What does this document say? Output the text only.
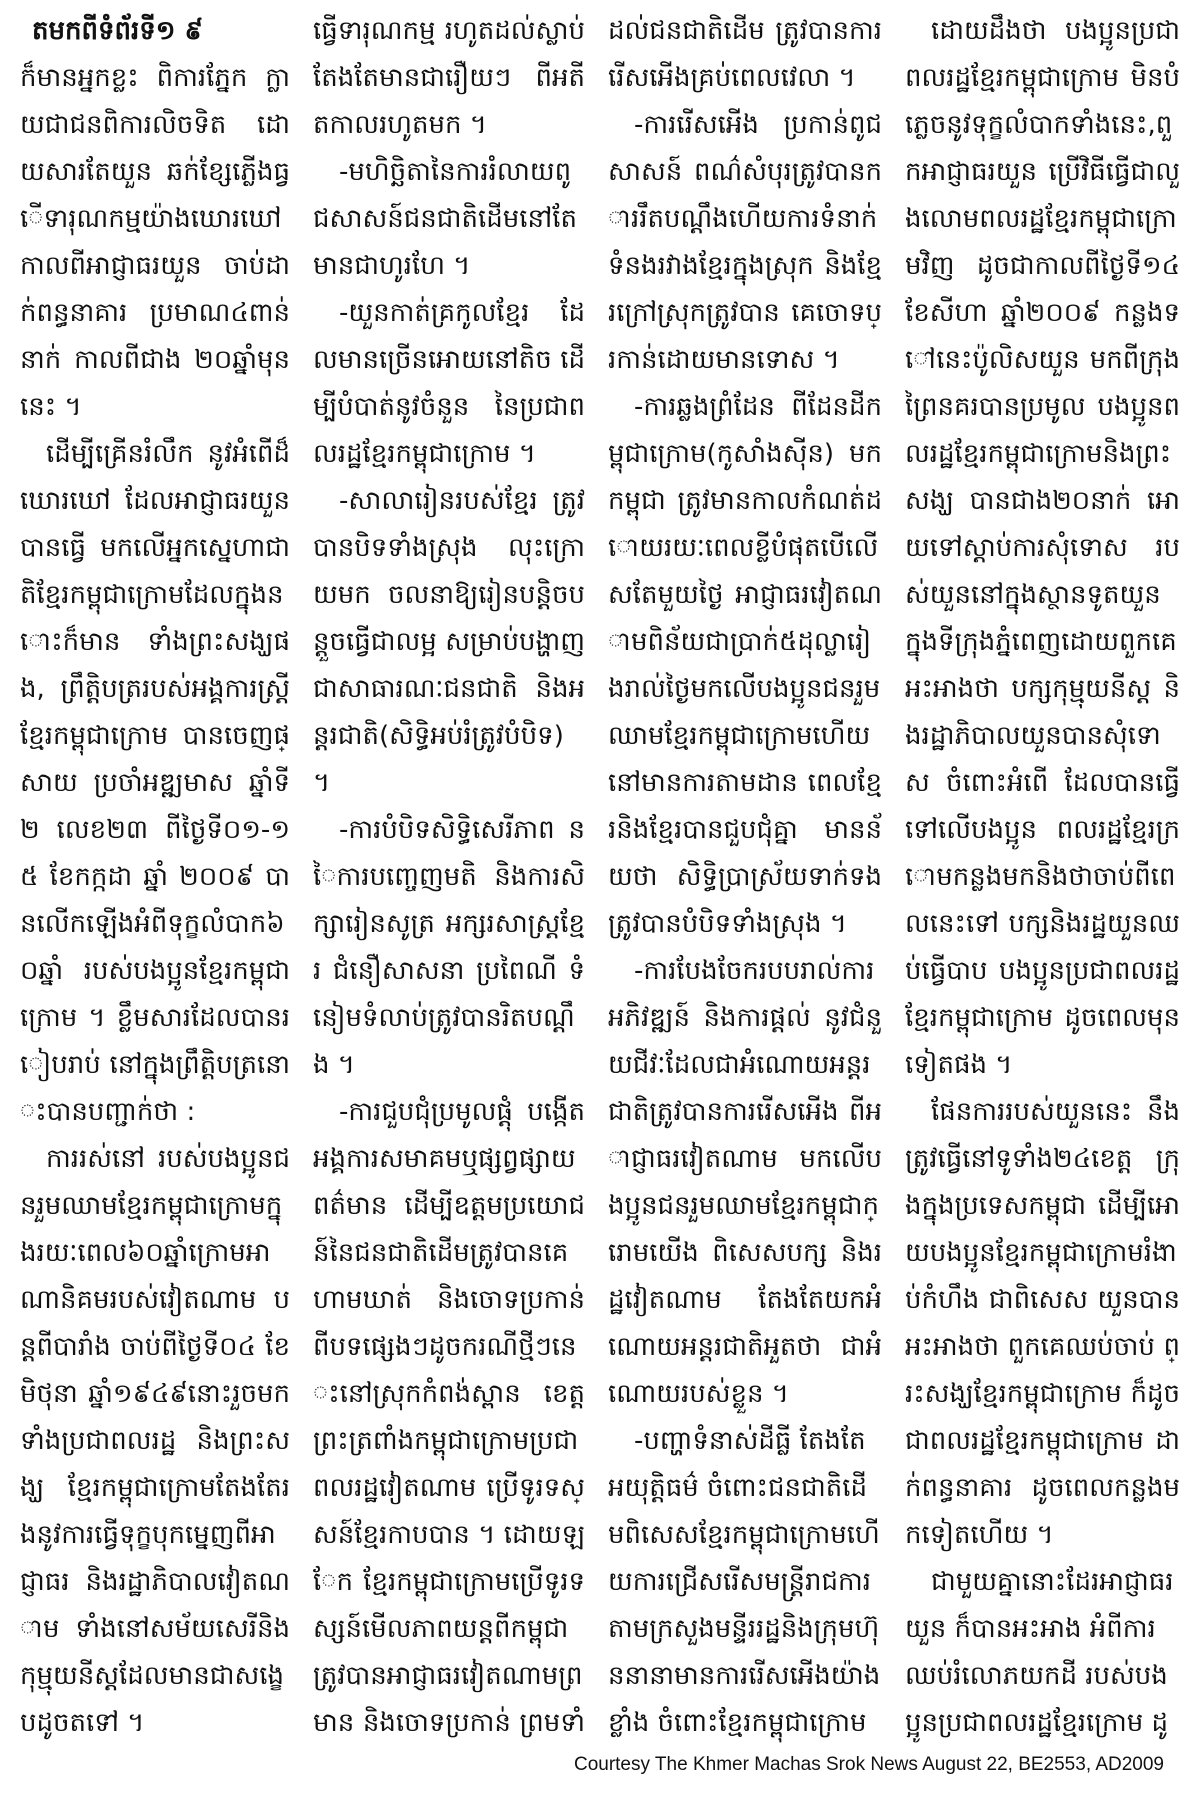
តមកពីទំព័រទី១ ៩

ក៏មានអ្នកខ្លះ ពិការភ្នែក ក្លាយជាជនពិការលិចទិត ដោយសារតែយួន ឆក់ខ្សែភ្លើងធ្វើទារុណកម្មយ៉ាងឃោរឃៅ កាលពីអាជ្ញាធរយួន ចាប់ដាក់ពន្ធនាគារ ប្រមាណ៤ពាន់នាក់ កាលពីជាង ២០ឆ្នាំមុននេះ ។

ដើម្បីគ្រើនរំលឹក នូវអំពើដ៏ឃោរឃៅ ដែលអាជ្ញាធរយួនបានធ្វើ មកលើអ្នកស្នេហាជាតិខ្មែរកម្ពុជាក្រោមដែលក្នុងនោះក៏មាន ទាំងព្រះសង្ឃផង, ព្រឹត្តិបត្ររបស់អង្គការស្រ្តីខ្មែរកម្ពុជាក្រោម បានចេញផ្សាយ ប្រចាំអឌ្ឍមាស ឆ្នាំទី២ លេខ២៣ ពីថ្ងៃទី០១-១៥ ខែកក្កដា ឆ្នាំ ២០០៩ បានលើកឡើងអំពីទុក្ខលំបាក៦០ឆ្នាំ របស់បងប្អូនខ្មែរកម្ពុជាក្រោម ។ ខ្លឹមសារដែលបានរៀបរាប់ នៅក្នុងព្រឹត្តិបត្រនោះបានបញ្ជាក់ថា :

ការរស់នៅ របស់បងប្អូនជនរួមឈាមខ្មែរកម្ពុជាក្រោមក្នុងរយៈពេល៦០ឆ្នាំក្រោមអាណានិគមរបស់វៀតណាម បន្តពីបារាំង ចាប់ពីថ្ងៃទី០៤ ខែមិថុនា ឆ្នាំ១៩៤៩នោះរួចមក ទាំងប្រជាពលរដ្ឋ និងព្រះសង្ឃ ខ្មែរកម្ពុជាក្រោមតែងតែរងនូវការធ្វើទុក្ខបុកម្នេញពីអាជ្ញាធរ និងរដ្ឋាភិបាលវៀតណាម ទាំងនៅសម័យសេរីនិងកុម្មុយនីស្តដែលមានជាសង្ខេបដូចតទៅ ។

ធ្វើទារុណកម្ម រហូតដល់ស្លាប់តែងតែមានជារឿយៗ ពីអតីតកាលរហូតមក ។

-មហិច្ឆិតានៃការរំលាយពូជសាសន៍ជនជាតិដើមនៅតែមានជាហូរហែ ។

-យួនកាត់គ្រកូលខ្មែរ ដែលមានច្រើនអោយនៅតិច ដើម្បីបំបាត់នូវចំនួន នៃប្រជាពលរដ្ឋខ្មែរកម្ពុជាក្រោម ។

-សាលារៀនរបស់ខ្មែរ ត្រូវបានបិទទាំងស្រុង លុះក្រោយមក ចលនាឱ្យរៀនបន្តិចបន្តួចធ្វើជាលម្អ សម្រាប់បង្ហាញជាសាធារណៈជនជាតិ និងអន្តរជាតិ(សិទ្ធិអប់រំត្រូវបំបិទ) ។

-ការបំបិទសិទ្ធិសេរីភាព នៃការបញ្ចេញមតិ និងការសិក្សារៀនសូត្រ អក្សរសាស្រ្តខ្មែរ ជំនឿសាសនា ប្រពៃណី ទំនៀមទំលាប់ត្រូវបានរិតបណ្តឹង ។

-ការជួបជុំប្រមូលផ្តុំ បង្កើតអង្គការសមាគមឬផ្សព្វផ្សាយពត៌មាន ដើម្បីឧត្តមប្រយោជន៍នៃជនជាតិដើមត្រូវបានគេហាមឃាត់ និងចោទប្រកាន់ ពីបទផ្សេងៗដូចករណីថ្មីៗនេះនៅស្រុកកំពង់ស្ពាន ខេត្តព្រះត្រពាំងកម្ពុជាក្រោមប្រជាពលរដ្ឋវៀតណាម ប្រើទូរទស្សន៍ខ្មែរកាបបាន ។ ដោយឡែក ខ្មែរកម្ពុជាក្រោមប្រើទូរទស្សន៍មើលភាពយន្តពីកម្ពុជា ត្រូវបានអាជ្ញាធរវៀតណាមព្រមាន និងចោទប្រកាន់ ព្រមទាំ

ដល់ជនជាតិដើម ត្រូវបានការរើសអើងគ្រប់ពេលវេលា ។

-ការរើសអើង ប្រកាន់ពូជសាសន៍ ពណ៌សំបុរត្រូវបានការរឹតបណ្តឹងហើយការទំនាក់ទំនងរវាងខ្មែរក្នុងស្រុក និងខ្មែរក្រៅស្រុកត្រូវបាន គេចោទប្រកាន់ដោយមានទោស ។

-ការឆ្លងព្រំដែន ពីដែនដីកម្ពុជាក្រោម(កូសាំងស៊ីន) មកកម្ពុជា ត្រូវមានកាលកំណត់ដោយរយៈពេលខ្លីបំផុតបើលើសតែមួយថ្ងៃ អាជ្ញាធរវៀតណាមពិន័យជាប្រាក់៥ដុល្លារៀងរាល់ថ្ងៃមកលើបងប្អូនជនរួមឈាមខ្មែរកម្ពុជាក្រោមហើយនៅមានការតាមដាន ពេលខ្មែរនិងខ្មែរបានជួបជុំគ្នា មានន័យថា សិទ្ធិប្រាស្រ័យទាក់ទងត្រូវបានបំបិទទាំងស្រុង ។

-ការបែងចែករបបរាល់ការអភិវឌ្ឍន៍ និងការផ្តល់ នូវជំនួយជីវៈដែលជាអំណោយអន្តរជាតិត្រូវបានការរើសអើង ពីអាជ្ញាធរវៀតណាម មកលើបងប្អូនជនរួមឈាមខ្មែរកម្ពុជាក្រោមយើង ពិសេសបក្ស និងរដ្ឋវៀតណាម តែងតែយកអំណោយអន្តរជាតិអួតថា ជាអំណោយរបស់ខ្លួន ។

-បញ្ហាទំនាស់ដីធ្លី តែងតែអយុត្តិធម៌ ចំពោះជនជាតិដើមពិសេសខ្មែរកម្ពុជាក្រោមហើយការជ្រើសរើសមន្រ្តីរាជការតាមក្រសួងមន្ទីររដ្ឋនិងក្រុមហ៊ុននានាមានការរើសអើងយ៉ាងខ្លាំង ចំពោះខ្មែរកម្ពុជាក្រោម

ដោយដឹងថា បងប្អូនប្រជាពលរដ្ឋខ្មែរកម្ពុជាក្រោម មិនបំភ្លេចនូវទុក្ខលំបាកទាំងនេះ,ពួកអាជ្ញាធរយួន ប្រើវិធីធ្វើជាលួងលោមពលរដ្ឋខ្មែរកម្ពុជាក្រោមវិញ ដូចជាកាលពីថ្ងៃទី១៤ ខែសីហា ឆ្នាំ២០០៩ កន្លងទៅនេះប៉ូលិសយួន មកពីក្រុងព្រៃនគរបានប្រមូល បងប្អូនពលរដ្ឋខ្មែរកម្ពុជាក្រោមនិងព្រះសង្ឃ បានជាង២០នាក់ អោយទៅស្តាប់ការសុំទោស របស់យួននៅក្នុងស្ថានទូតយួន ក្នុងទីក្រុងភ្នំពេញដោយពួកគេអះអាងថា បក្សកុម្មុយនីស្ត និងរដ្ឋាភិបាលយួនបានសុំទោស ចំពោះអំពើ ដែលបានធ្វើ ទៅលើបងប្អូន ពលរដ្ឋខ្មែរក្រោមកន្លងមកនិងថាចាប់ពីពេលនេះទៅ បក្សនិងរដ្ឋយួនឈប់ធ្វើបាប បងប្អូនប្រជាពលរដ្ឋខ្មែរកម្ពុជាក្រោម ដូចពេលមុនទៀតផង ។

ផែនការរបស់យួននេះ នឹងត្រូវធ្វើនៅទូទាំង២៤ខេត្ត ក្រុងក្នុងប្រទេសកម្ពុជា ដើម្បីអោយបងប្អូនខ្មែរកម្ពុជាក្រោមរំងាប់កំហឹង ជាពិសេស យួនបានអះអាងថា ពួកគេឈប់ចាប់ ព្រះសង្ឃខ្មែរកម្ពុជាក្រោម ក៏ដូចជាពលរដ្ឋខ្មែរកម្ពុជាក្រោម ដាក់ពន្ធនាគារ ដូចពេលកន្លងមកទៀតហើយ ។

ជាមួយគ្នានោះដែរអាជ្ញាធរយួន ក៏បានអះអាង អំពីការឈប់រំលោភយកដី របស់បងប្អូនប្រជាពលរដ្ឋខ្មែរក្រោម ដូ

Courtesy The Khmer Machas Srok News August 22, BE2553, AD2009
